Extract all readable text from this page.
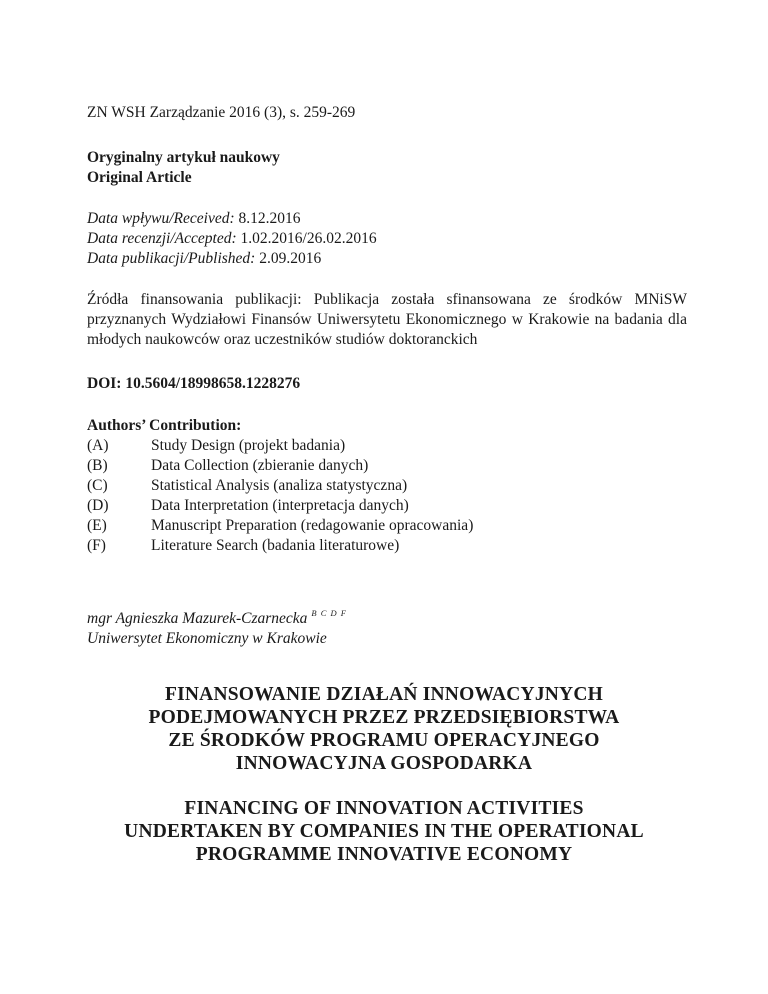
ZN WSH Zarządzanie 2016 (3), s. 259-269
Oryginalny artykuł naukowy
Original Article
Data wpływu/Received: 8.12.2016
Data recenzji/Accepted: 1.02.2016/26.02.2016
Data publikacji/Published: 2.09.2016
Źródła finansowania publikacji: Publikacja została sfinansowana ze środków MNiSW przyznanych Wydziałowi Finansów Uniwersytetu Ekonomicznego w Krakowie na badania dla młodych naukowców oraz uczestników studiów doktoranckich
DOI: 10.5604/18998658.1228276
Authors’ Contribution:
(A)	Study Design (projekt badania)
(B)	Data Collection (zbieranie danych)
(C)	Statistical Analysis (analiza statystyczna)
(D)	Data Interpretation (interpretacja danych)
(E)	Manuscript Preparation (redagowanie opracowania)
(F)	Literature Search (badania literaturowe)
mgr Agnieszka Mazurek-Czarnecka $^{B C D F}$
Uniwersytet Ekonomiczny w Krakowie
FINANSOWANIE DZIAŁAŃ INNOWACYJNYCH
PODEJMOWANYCH PRZEZ PRZEDSIĘBIORSTWA
ZE ŚRODKÓW PROGRAMU OPERACYJNEGO
INNOWACYJNA GOSPODARKA
FINANCING OF INNOVATION ACTIVITIES
UNDERTAKEN BY COMPANIES IN THE OPERATIONAL
PROGRAMME INNOVATIVE ECONOMY
